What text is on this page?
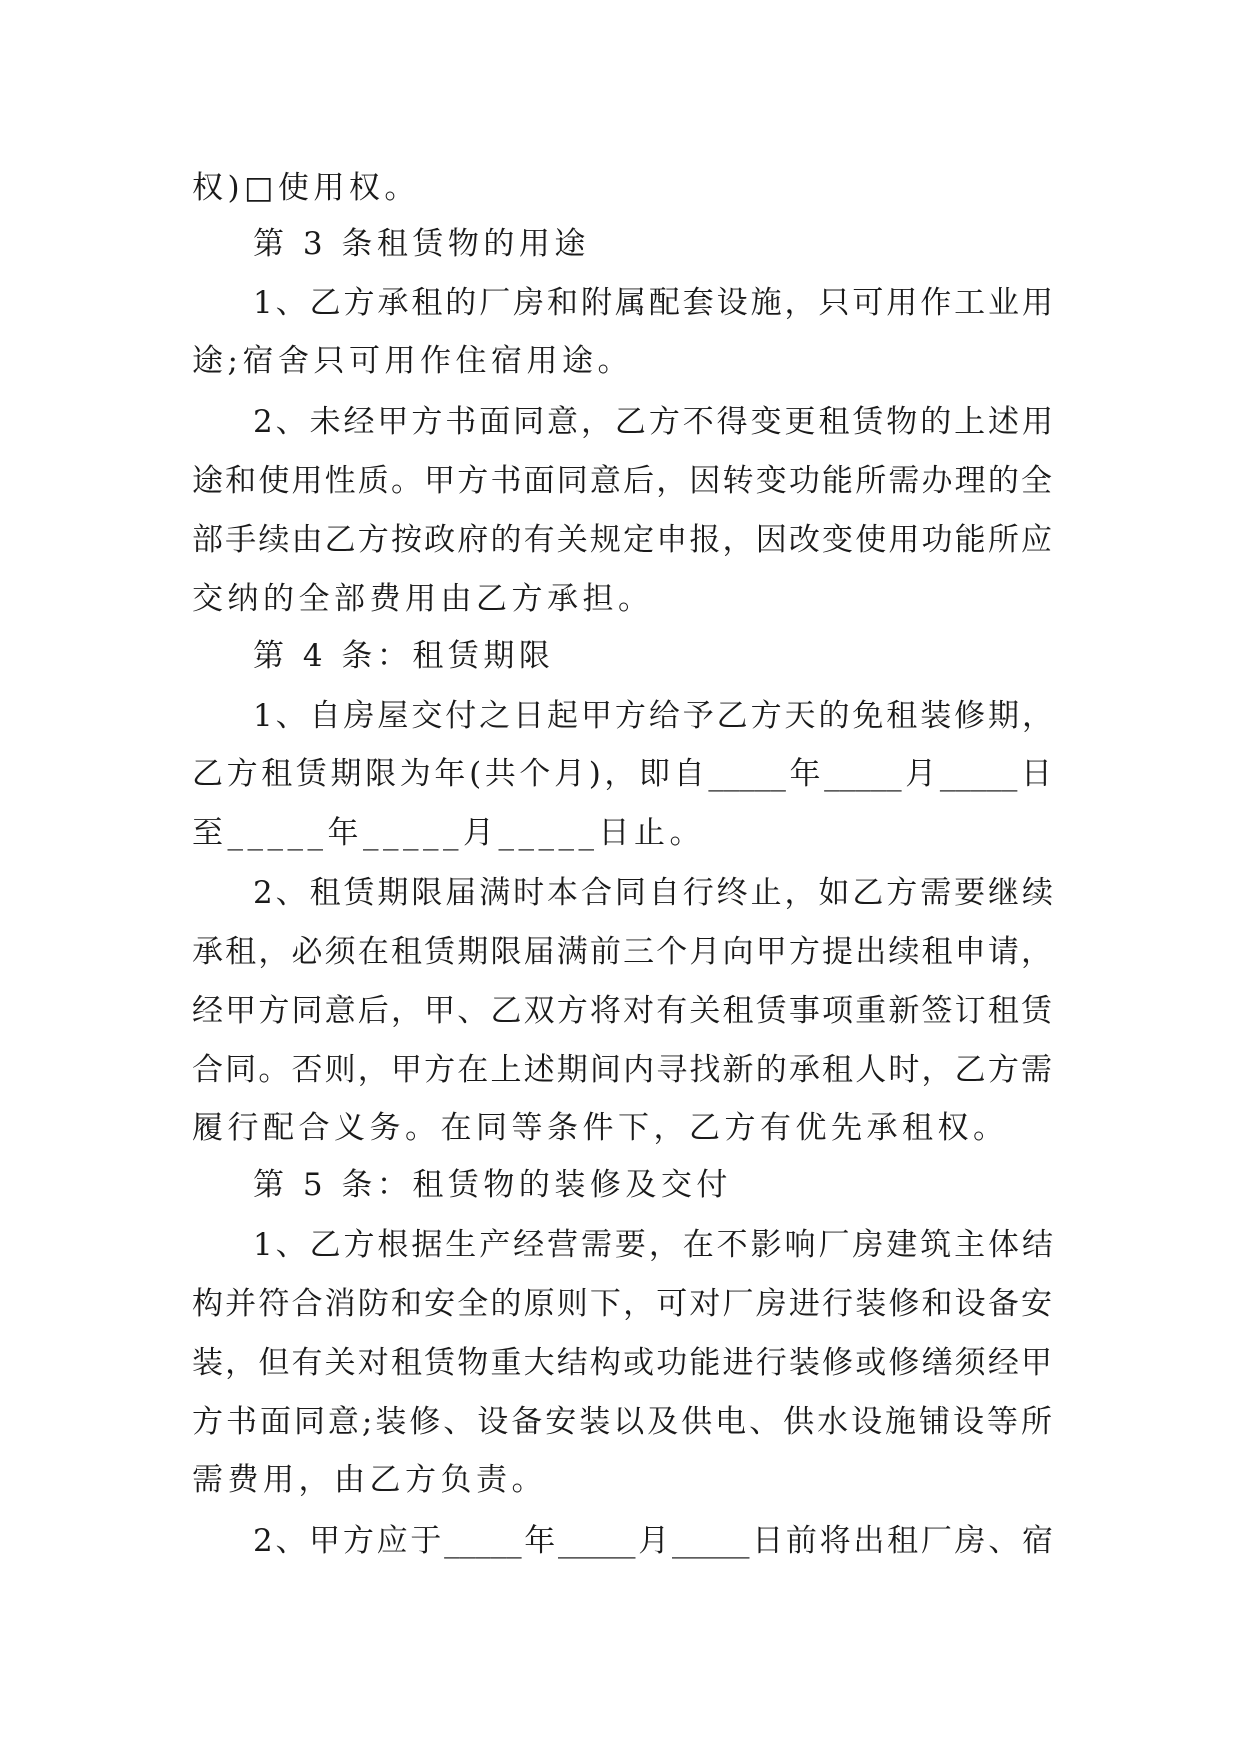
权)□使用权。
第 3 条租赁物的用途
1、乙方承租的厂房和附属配套设施，只可用作工业用
途;宿舍只可用作住宿用途。
2、未经甲方书面同意，乙方不得变更租赁物的上述用
途和使用性质。甲方书面同意后，因转变功能所需办理的全
部手续由乙方按政府的有关规定申报，因改变使用功能所应
交纳的全部费用由乙方承担。
第 4 条：租赁期限
1、自房屋交付之日起甲方给予乙方天的免租装修期，
乙方租赁期限为年(共个月)，即自_____年_____月_____日
至_____年_____月_____日止。
2、租赁期限届满时本合同自行终止，如乙方需要继续
承租，必须在租赁期限届满前三个月向甲方提出续租申请，
经甲方同意后，甲、乙双方将对有关租赁事项重新签订租赁
合同。否则，甲方在上述期间内寻找新的承租人时，乙方需
履行配合义务。在同等条件下，乙方有优先承租权。
第 5 条：租赁物的装修及交付
1、乙方根据生产经营需要，在不影响厂房建筑主体结
构并符合消防和安全的原则下，可对厂房进行装修和设备安
装，但有关对租赁物重大结构或功能进行装修或修缮须经甲
方书面同意;装修、设备安装以及供电、供水设施铺设等所
需费用，由乙方负责。
2、甲方应于_____年_____月_____日前将出租厂房、宿
